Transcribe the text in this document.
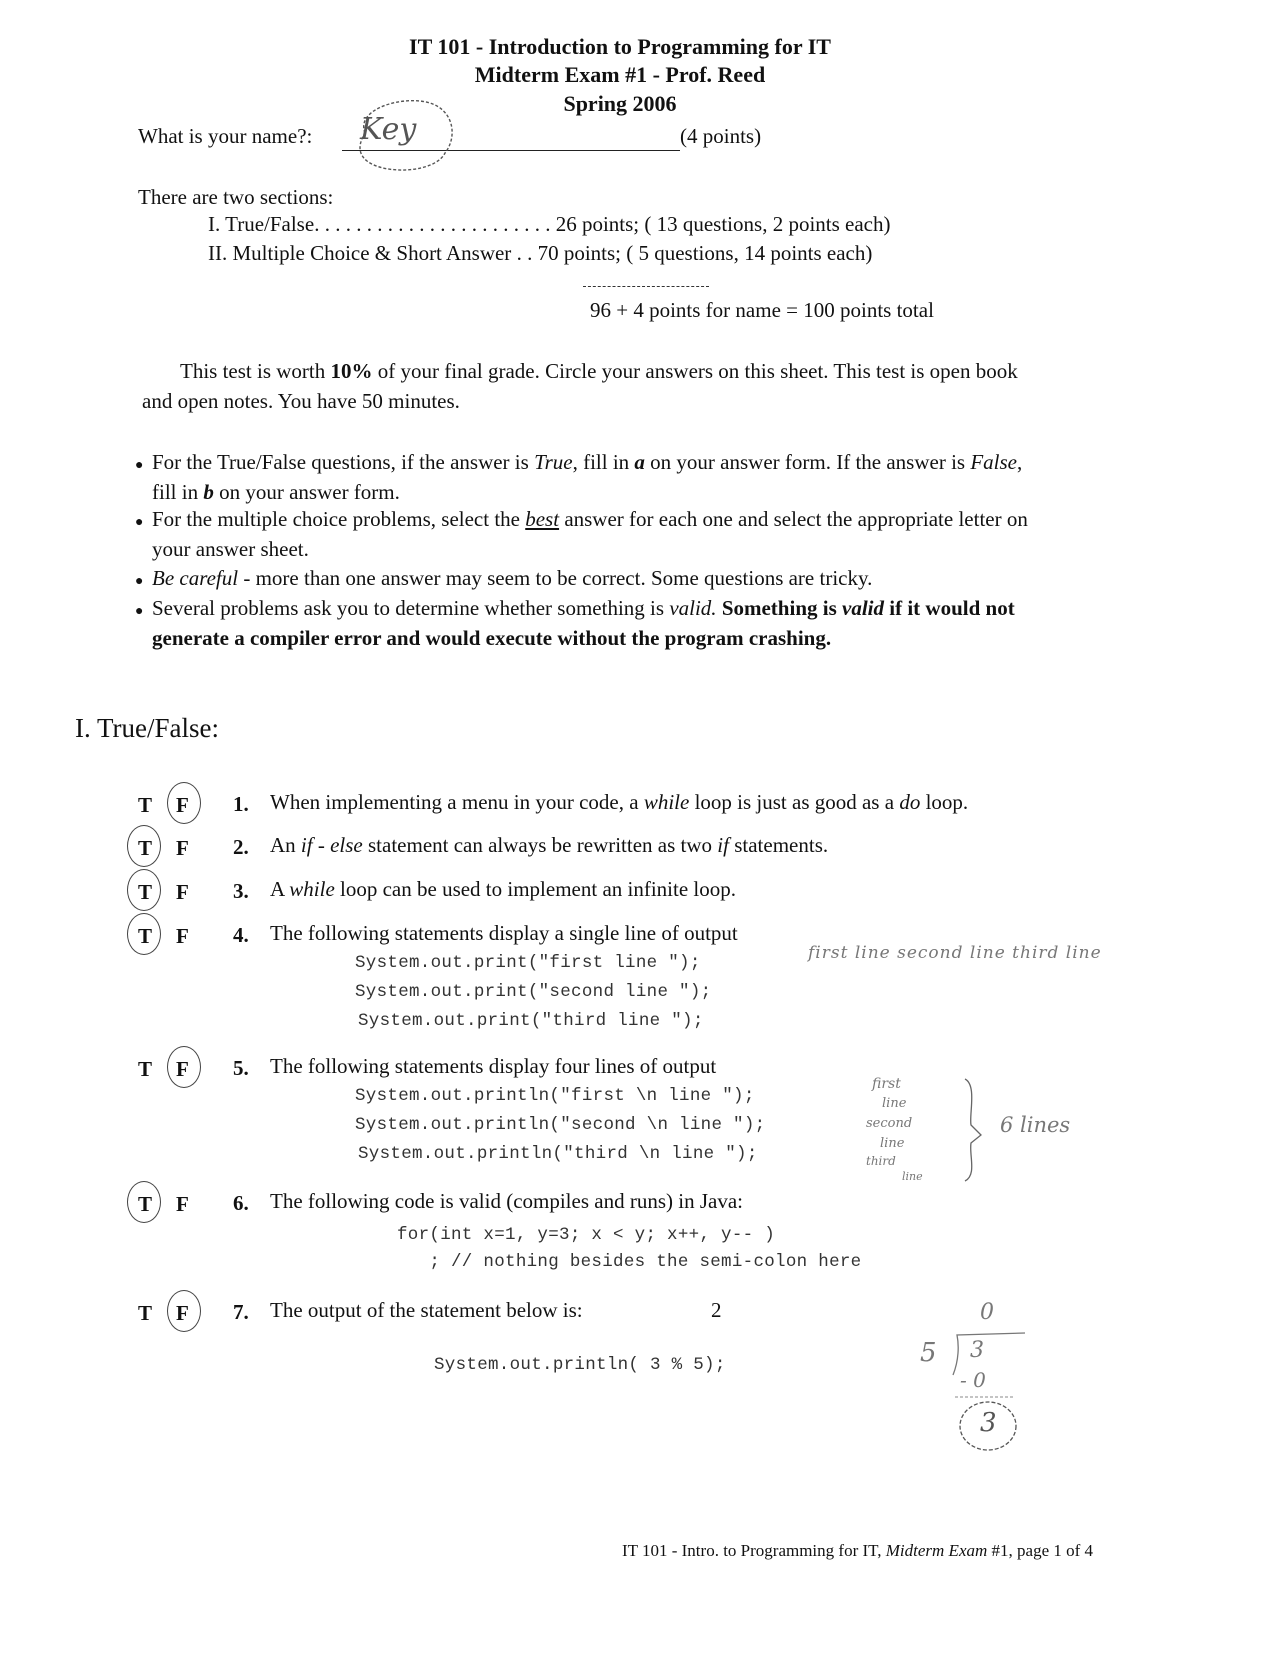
IT 101 - Introduction to Programming for IT
Midterm Exam #1 - Prof. Reed
Spring 2006
What is your name?: Key	(4 points)
There are two sections:
I. True/False. . . . . . . . . . . . . . . . . . . . . . . 26 points; ( 13 questions, 2 points each)
II. Multiple Choice & Short Answer . . 70 points; ( 5 questions, 14 points each)
96 + 4 points for name = 100 points total
This test is worth 10% of your final grade. Circle your answers on this sheet. This test is open book
and open notes. You have 50 minutes.
● For the True/False questions, if the answer is True, fill in a on your answer form. If the answer is False,
fill in b on your answer form.
● For the multiple choice problems, select the best answer for each one and select the appropriate letter on
your answer sheet.
● Be careful - more than one answer may seem to be correct. Some questions are tricky.
● Several problems ask you to determine whether something is valid. Something is valid if it would not
generate a compiler error and would execute without the program crashing.
I. True/False:
T F 1. When implementing a menu in your code, a while loop is just as good as a do loop.
T F 2. An if - else statement can always be rewritten as two if statements.
T F 3. A while loop can be used to implement an infinite loop.
T F 4. The following statements display a single line of output
System.out.print("first line ");
System.out.print("second line ");
System.out.print("third line ");
first line second line third line
T F 5. The following statements display four lines of output
System.out.println("first \n line ");
System.out.println("second \n line ");
System.out.println("third \n line ");
first
line
second
line
third
line
6 lines
T F 6. The following code is valid (compiles and runs) in Java:
for(int x=1, y=3; x < y; x++, y-- )
; // nothing besides the semi-colon here
T F 7. The output of the statement below is:	2
System.out.println( 3 % 5);	5
0
3
- 0
3
IT 101 - Intro. to Programming for IT, Midterm Exam #1, page 1 of 4
